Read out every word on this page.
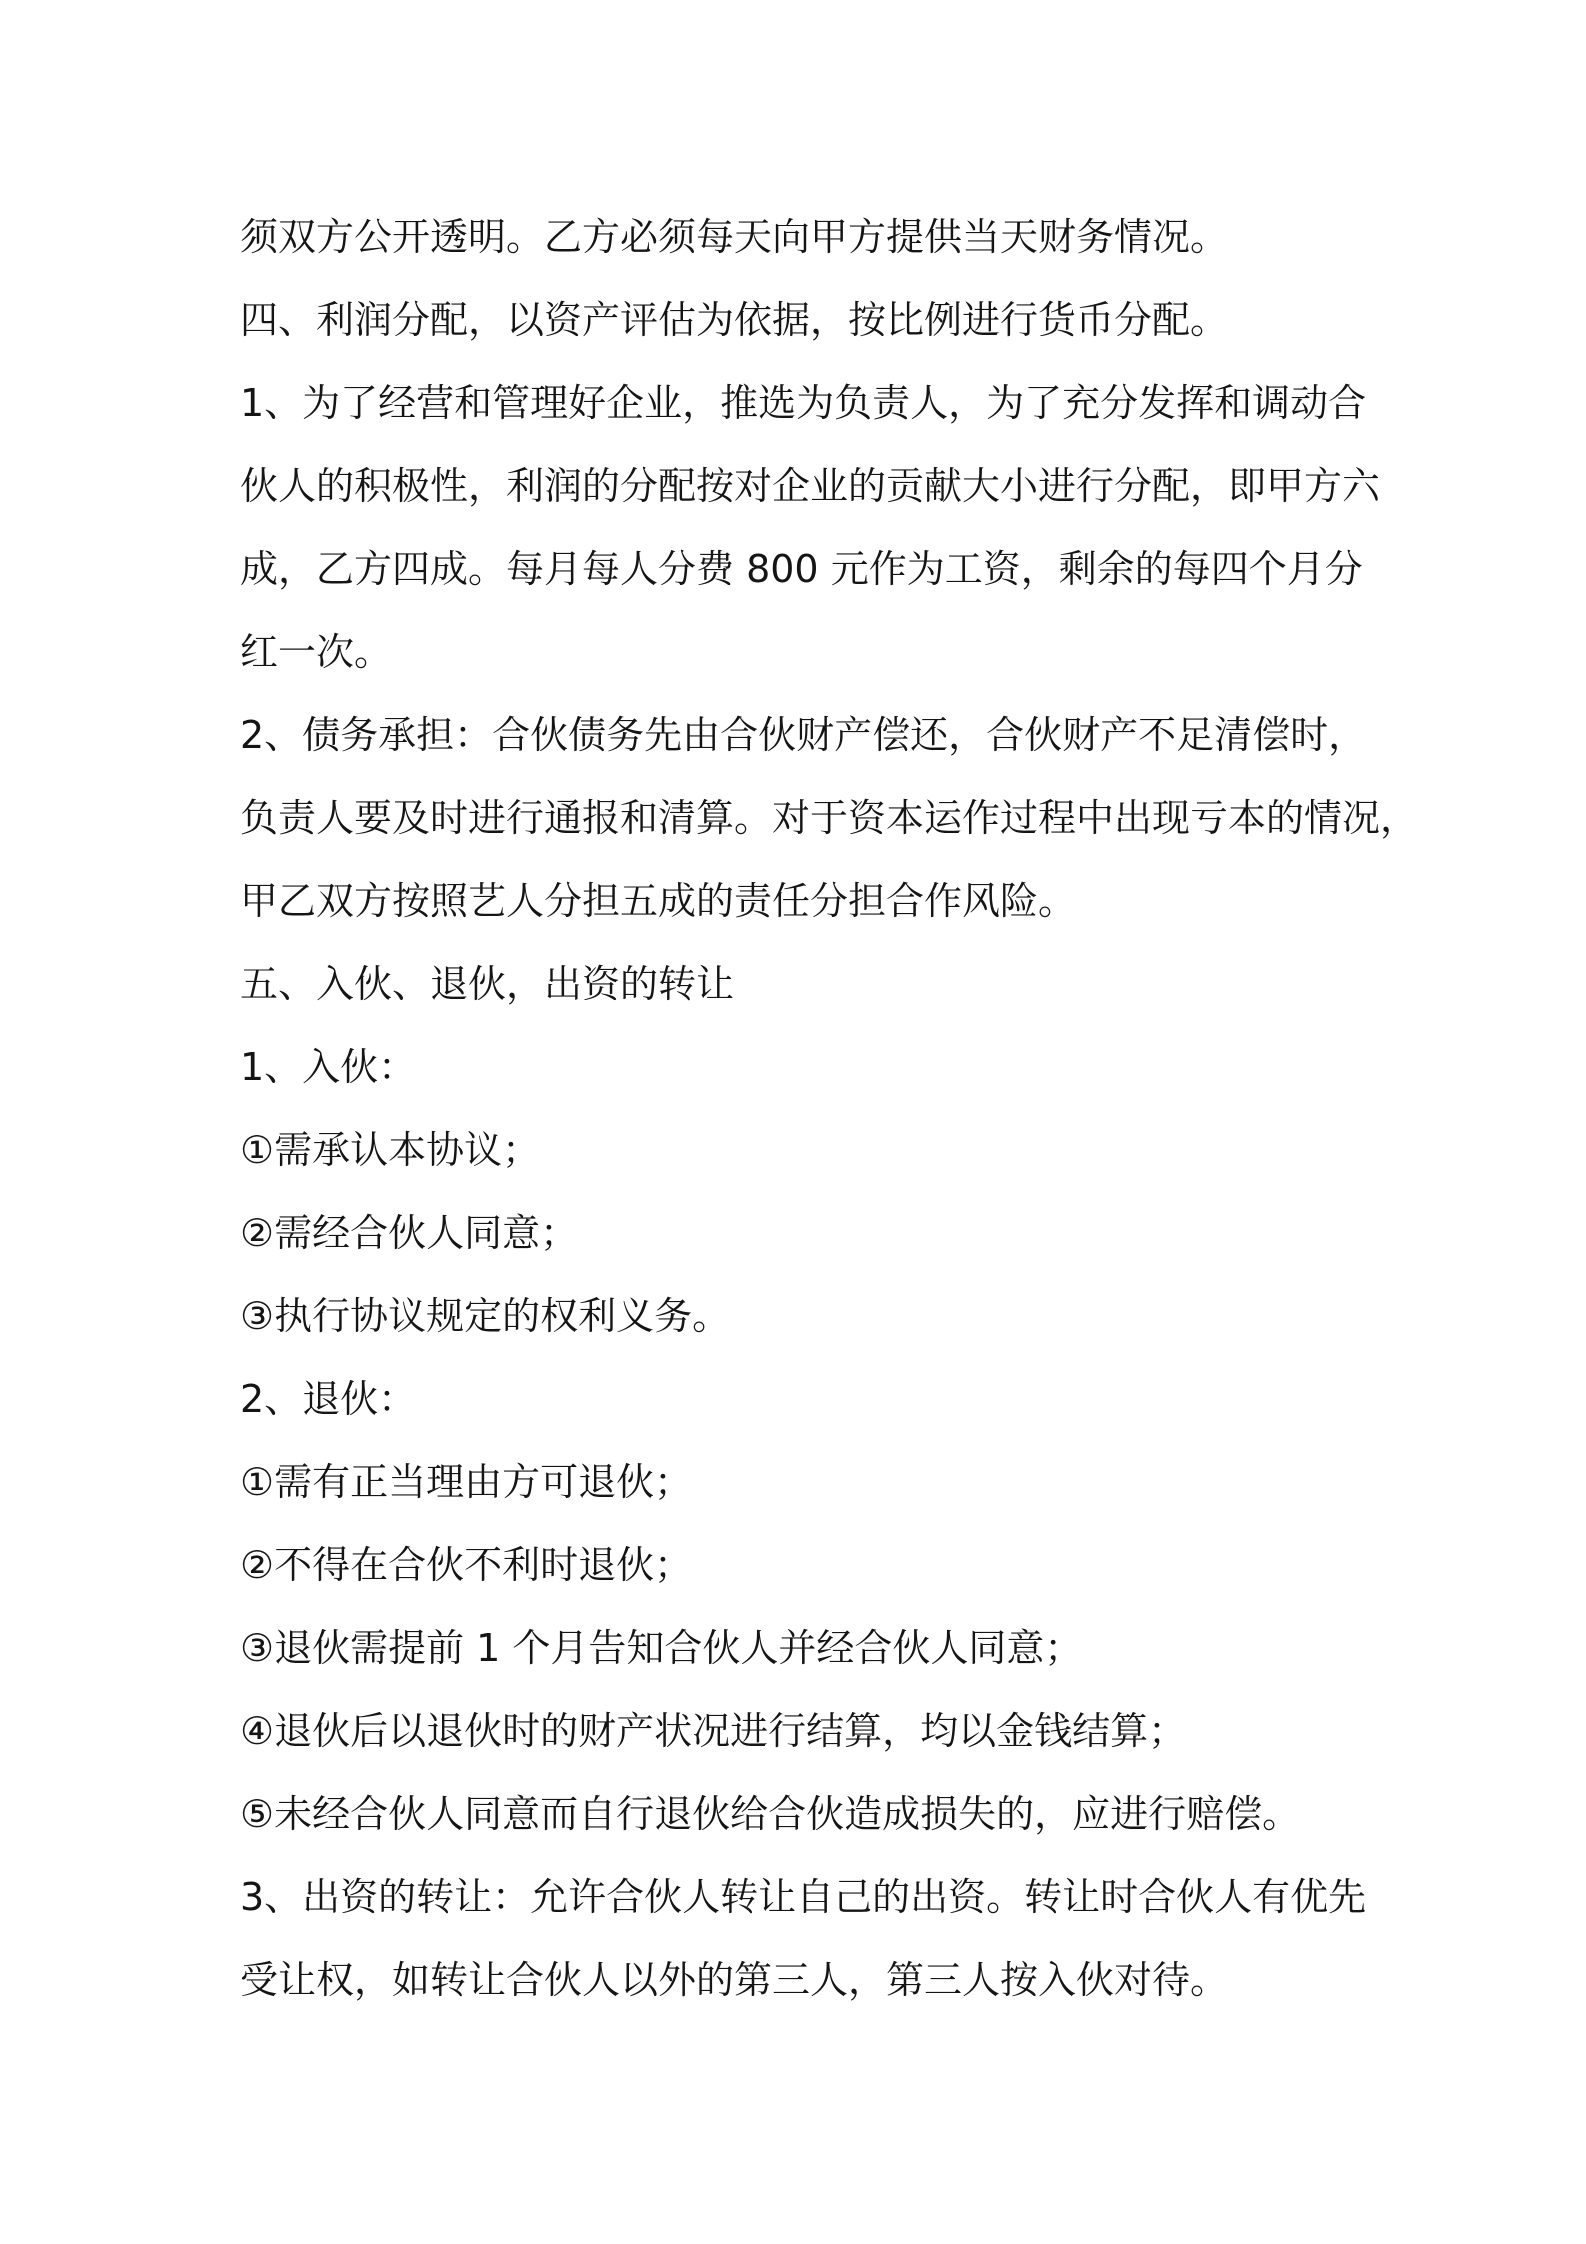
须双方公开透明。乙方必须每天向甲方提供当天财务情况。

四、利润分配，以资产评估为依据，按比例进行货币分配。

1、为了经营和管理好企业，推选为负责人，为了充分发挥和调动合

伙人的积极性，利润的分配按对企业的贡献大小进行分配，即甲方六

成，乙方四成。每月每人分费 800 元作为工资，剩余的每四个月分

红一次。

2、债务承担：合伙债务先由合伙财产偿还，合伙财产不足清偿时，

负责人要及时进行通报和清算。对于资本运作过程中出现亏本的情况，

甲乙双方按照艺人分担五成的责任分担合作风险。

五、入伙、退伙，出资的转让

1、入伙：

①需承认本协议；

②需经合伙人同意；

③执行协议规定的权利义务。

2、退伙：

①需有正当理由方可退伙；

②不得在合伙不利时退伙；

③退伙需提前 1 个月告知合伙人并经合伙人同意；

④退伙后以退伙时的财产状况进行结算，均以金钱结算；

⑤未经合伙人同意而自行退伙给合伙造成损失的，应进行赔偿。

3、出资的转让：允许合伙人转让自己的出资。转让时合伙人有优先

受让权，如转让合伙人以外的第三人，第三人按入伙对待。
